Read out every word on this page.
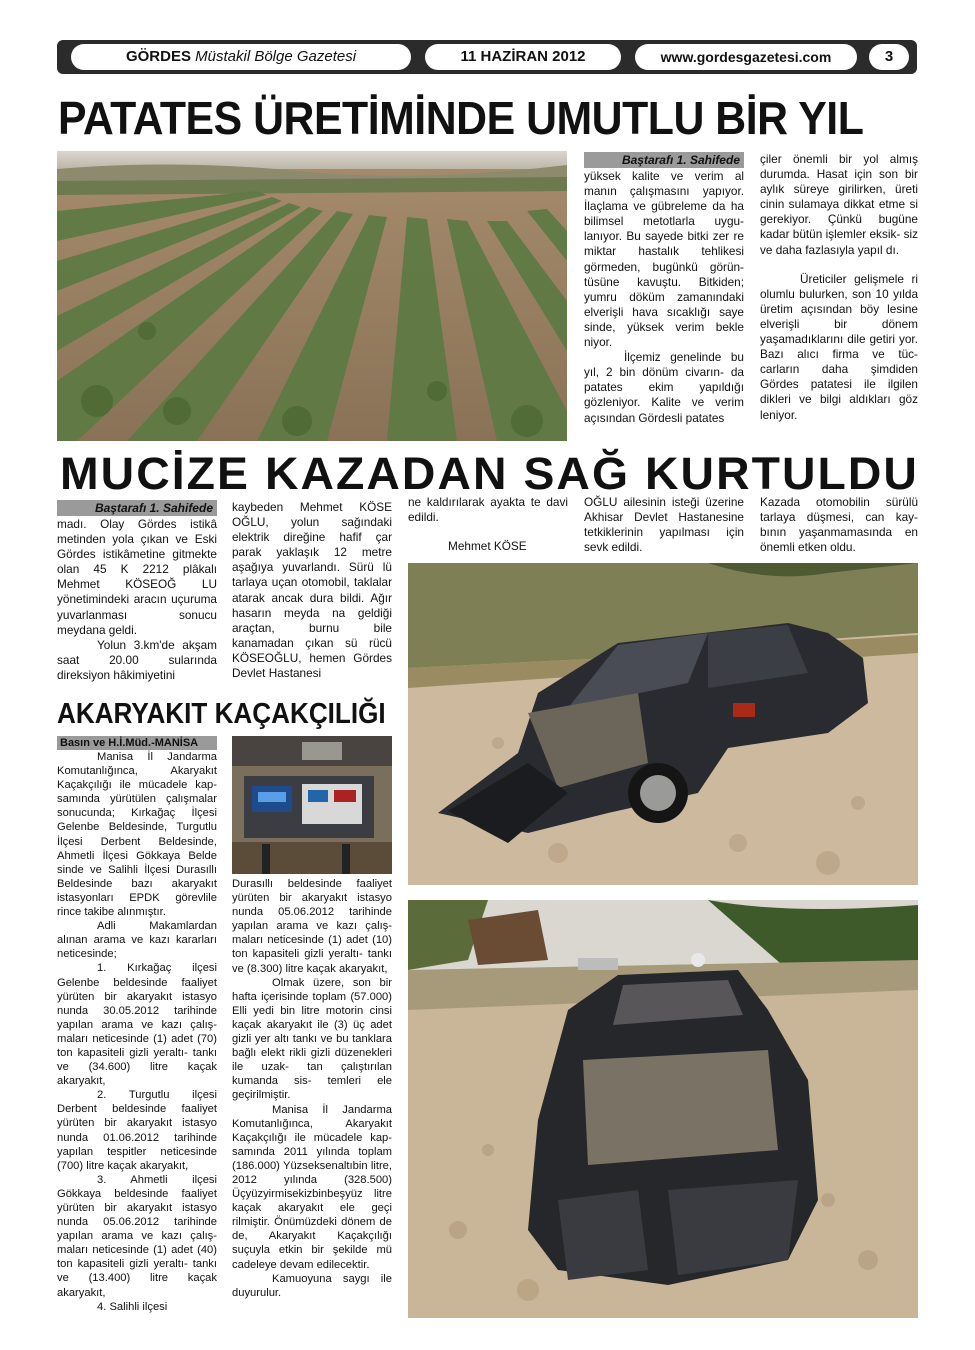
GÖRDES Müstakil Bölge Gazetesi	11 HAZİRAN 2012	www.gordesgazetesi.com	3
PATATES ÜRETİMİNDE UMUTLU BİR YIL
Baştarafı 1. Sahifede

yüksek kalite ve verim al manın çalışmasını yapıyor. İlaçlama ve gübreleme da ha bilimsel metotlarla uygu- lanıyor. Bu sayede bitki zer re miktar hastalık tehlikesi görmeden, bugünkü görün- tüsüne kavuştu. Bitkiden; yumru döküm zamanındaki elverişli hava sıcaklığı saye sinde, yüksek verim bekle niyor.

İlçemiz genelinde bu yıl, 2 bin dönüm civarın- da patates ekim yapıldığı gözleniyor. Kalite ve verim açısından Gördesli patates

çiler önemli bir yol almış durumda. Hasat için son bir aylık süreye girilirken, üreti cinin sulamaya dikkat etme si gerekiyor. Çünkü bugüne kadar bütün işlemler eksik- siz ve daha fazlasıyla yapıl dı.

Üreticiler gelişmele ri olumlu bulurken, son 10 yılda üretim açısından böy lesine elverişli bir dönem yaşamadıklarını dile getiri yor. Bazı alıcı firma ve tüc- carların daha şimdiden Gördes patatesi ile ilgilen dikleri ve bilgi aldıkları göz leniyor.

MUCİZE KAZADAN SAĞ KURTULDU
Baştarafı 1. Sahifede

madı. Olay Gördes istikâ metinden yola çıkan ve Eski Gördes istikâmetine gitmekte olan 45 K 2212 plâkalı Mehmet KÖSEOĞ LU yönetimindeki aracın uçuruma yuvarlanması sonucu meydana geldi.

Yolun 3.km'de akşam saat 20.00 sularında direksiyon hâkimiyetini

kaybeden Mehmet KÖSE OĞLU, yolun sağındaki elektrik direğine hafif çar parak yaklaşık 12 metre aşağıya yuvarlandı. Sürü lü tarlaya uçan otomobil, taklalar atarak ancak dura bildi. Ağır hasarın meyda na geldiği araçtan, burnu bile kanamadan çıkan sü rücü KÖSEOĞLU, hemen Gördes Devlet Hastanesi

ne kaldırılarak ayakta te davi edildi.

Mehmet KÖSE

OĞLU ailesinin isteği üzerine Akhisar Devlet Hastanesine tetkiklerinin yapılması için sevk edildi.

Kazada otomobilin sürülü tarlaya düşmesi, can kay- bının yaşanmamasında en önemli etken oldu.

AKARYAKIT KAÇAKÇILIĞI
Basın ve H.İ.Müd.-MANİSA

Manisa İl Jandarma Komutanlığınca, Akaryakıt Kaçakçılığı ile mücadele kap- samında yürütülen çalışmalar sonucunda; Kırkağaç İlçesi Gelenbe Beldesinde, Turgutlu İlçesi Derbent Beldesinde, Ahmetli İlçesi Gökkaya Belde sinde ve Salihli İlçesi Durasıllı Beldesinde bazı akaryakıt istasyonları EPDK görevlile rince takibe alınmıştır.

Adli Makamlardan alınan arama ve kazı kararları neticesinde;

1. Kırkağaç ilçesi Gelenbe beldesinde faaliyet yürüten bir akaryakıt istasyo nunda 30.05.2012 tarihinde yapılan arama ve kazı çalış- maları neticesinde (1) adet (70) ton kapasiteli gizli yeraltı- tankı ve (34.600) litre kaçak akaryakıt,

2. Turgutlu ilçesi Derbent beldesinde faaliyet yürüten bir akaryakıt istasyo nunda 01.06.2012 tarihinde yapılan tespitler neticesinde (700) litre kaçak akaryakıt,

3. Ahmetli ilçesi Gökkaya beldesinde faaliyet yürüten bir akaryakıt istasyo nunda 05.06.2012 tarihinde yapılan arama ve kazı çalış- maları neticesinde (1) adet (40) ton kapasiteli gizli yeraltı- tankı ve (13.400) litre kaçak akaryakıt,

4. Salihli ilçesi

Durasıllı beldesinde faaliyet yürüten bir akaryakıt istasyo nunda 05.06.2012 tarihinde yapılan arama ve kazı çalış- maları neticesinde (1) adet (10) ton kapasiteli gizli yeraltı- tankı ve (8.300) litre kaçak akaryakıt,

Olmak üzere, son bir hafta içerisinde toplam (57.000) Elli yedi bin litre motorin cinsi kaçak akaryakıt ile (3) üç adet gizli yer altı tankı ve bu tanklara bağlı elekt rikli gizli düzenekleri ile uzak- tan çalıştırılan kumanda sis- temleri ele geçirilmiştir.

Manisa İl Jandarma Komutanlığınca, Akaryakıt Kaçakçılığı ile mücadele kap- samında 2011 yılında toplam (186.000) Yüzseksenaltıbin litre, 2012 yılında (328.500) Üçyüzyirmisekizbinbeşyüz litre kaçak akaryakıt ele geçi rilmiştir. Önümüzdeki dönem de de, Akaryakıt Kaçakçılığı suçuyla etkin bir şekilde mü cadeleye devam edilecektir.

Kamuoyuna saygı ile duyurulur.
